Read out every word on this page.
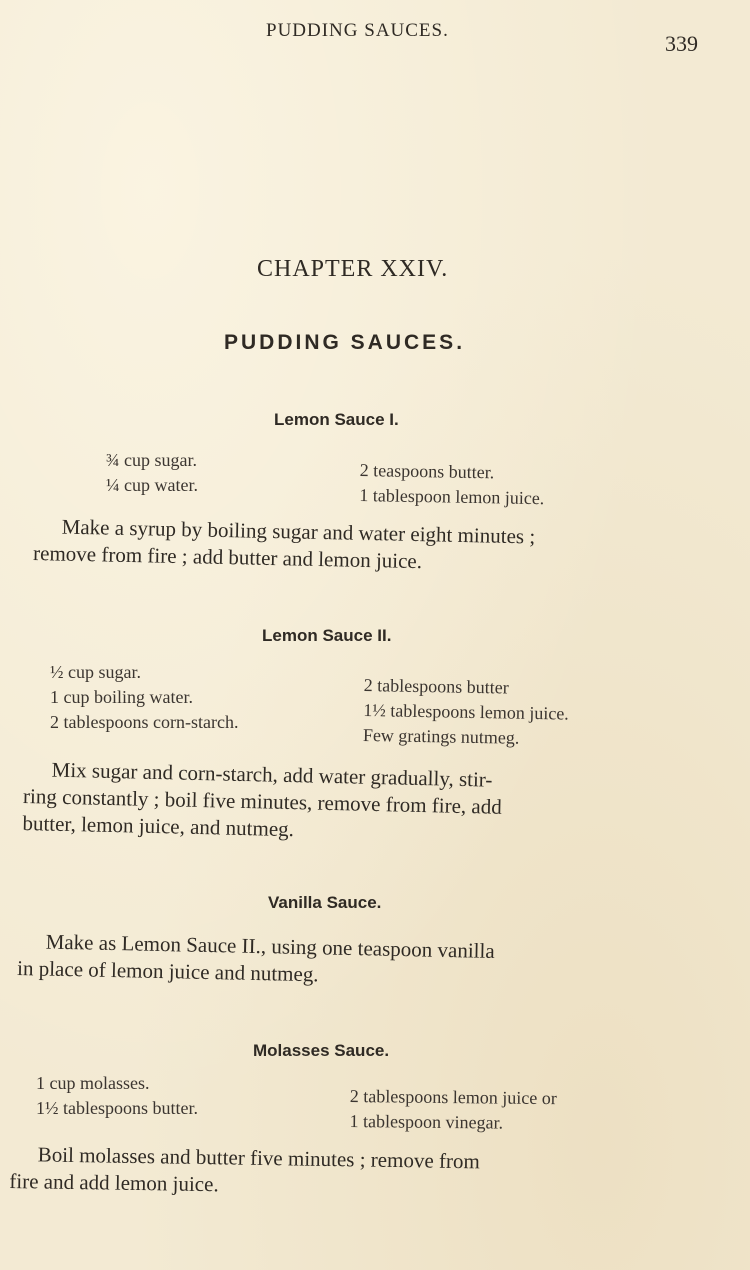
PUDDING SAUCES.
339
CHAPTER XXIV.
PUDDING SAUCES.
Lemon Sauce I.
¾ cup sugar.
¼ cup water.
2 teaspoons butter.
1 tablespoon lemon juice.
Make a syrup by boiling sugar and water eight minutes ;
remove from fire ; add butter and lemon juice.
Lemon Sauce II.
½ cup sugar.
1 cup boiling water.
2 tablespoons corn-starch.
2 tablespoons butter
1½ tablespoons lemon juice.
Few gratings nutmeg.
Mix sugar and corn-starch, add water gradually, stir-
ring constantly ; boil five minutes, remove from fire, add
butter, lemon juice, and nutmeg.
Vanilla Sauce.
Make as Lemon Sauce II., using one teaspoon vanilla
in place of lemon juice and nutmeg.
Molasses Sauce.
1 cup molasses.
1½ tablespoons butter.	2 tablespoons lemon juice or
1 tablespoon vinegar.
Boil molasses and butter five minutes ; remove from
fire and add lemon juice.
